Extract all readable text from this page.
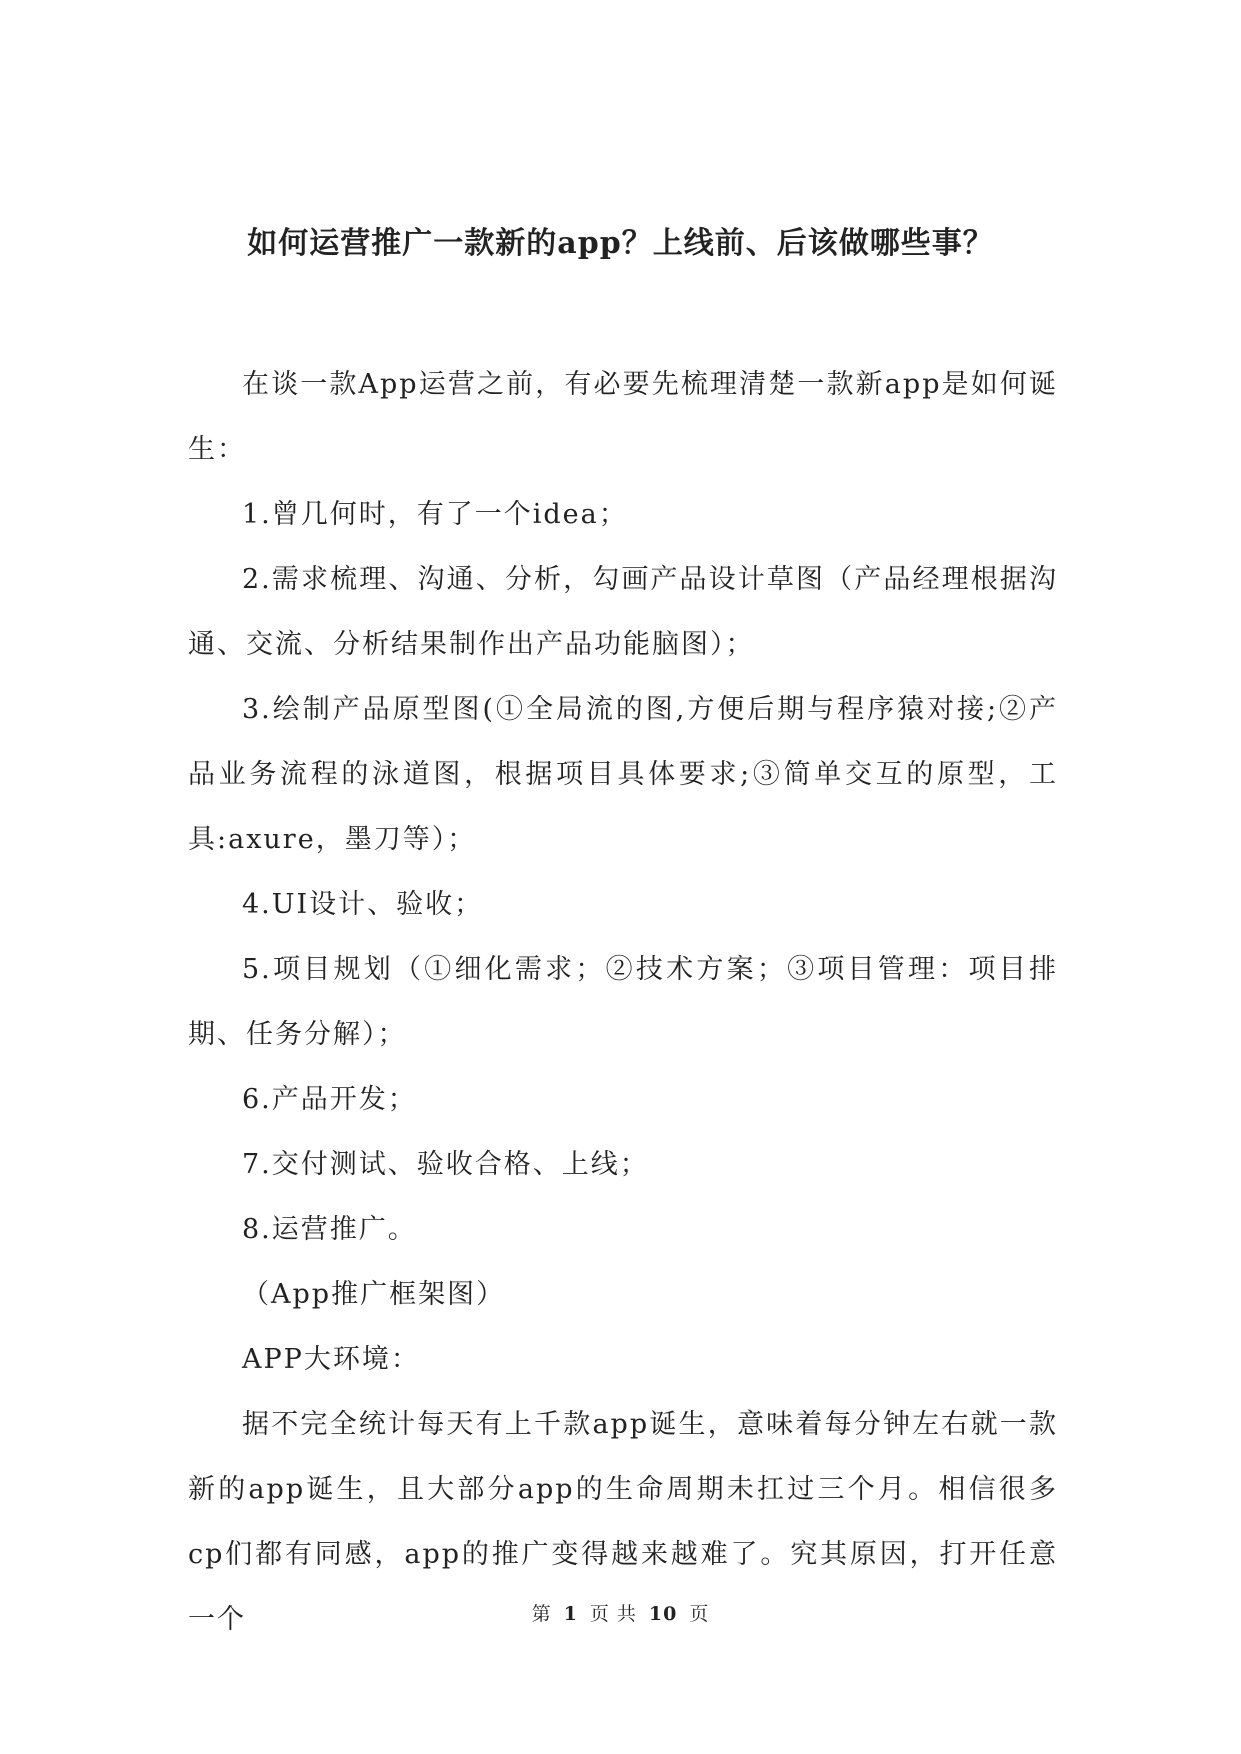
如何运营推广一款新的app？上线前、后该做哪些事？

在谈一款App运营之前，有必要先梳理清楚一款新app是如何诞生：

1.曾几何时，有了一个idea；

2.需求梳理、沟通、分析，勾画产品设计草图（产品经理根据沟通、交流、分析结果制作出产品功能脑图）；

3.绘制产品原型图(①全局流的图,方便后期与程序猿对接;②产品业务流程的泳道图，根据项目具体要求;③简单交互的原型，工具:axure，墨刀等）；

4.UI设计、验收；

5.项目规划（①细化需求；②技术方案；③项目管理：项目排期、任务分解）；

6.产品开发；

7.交付测试、验收合格、上线；

8.运营推广。

（App推广框架图）

APP大环境：

据不完全统计每天有上千款app诞生，意味着每分钟左右就一款新的app诞生，且大部分app的生命周期未扛过三个月。相信很多cp们都有同感，app的推广变得越来越难了。究其原因，打开任意一个	第 1 页 共 10 页
